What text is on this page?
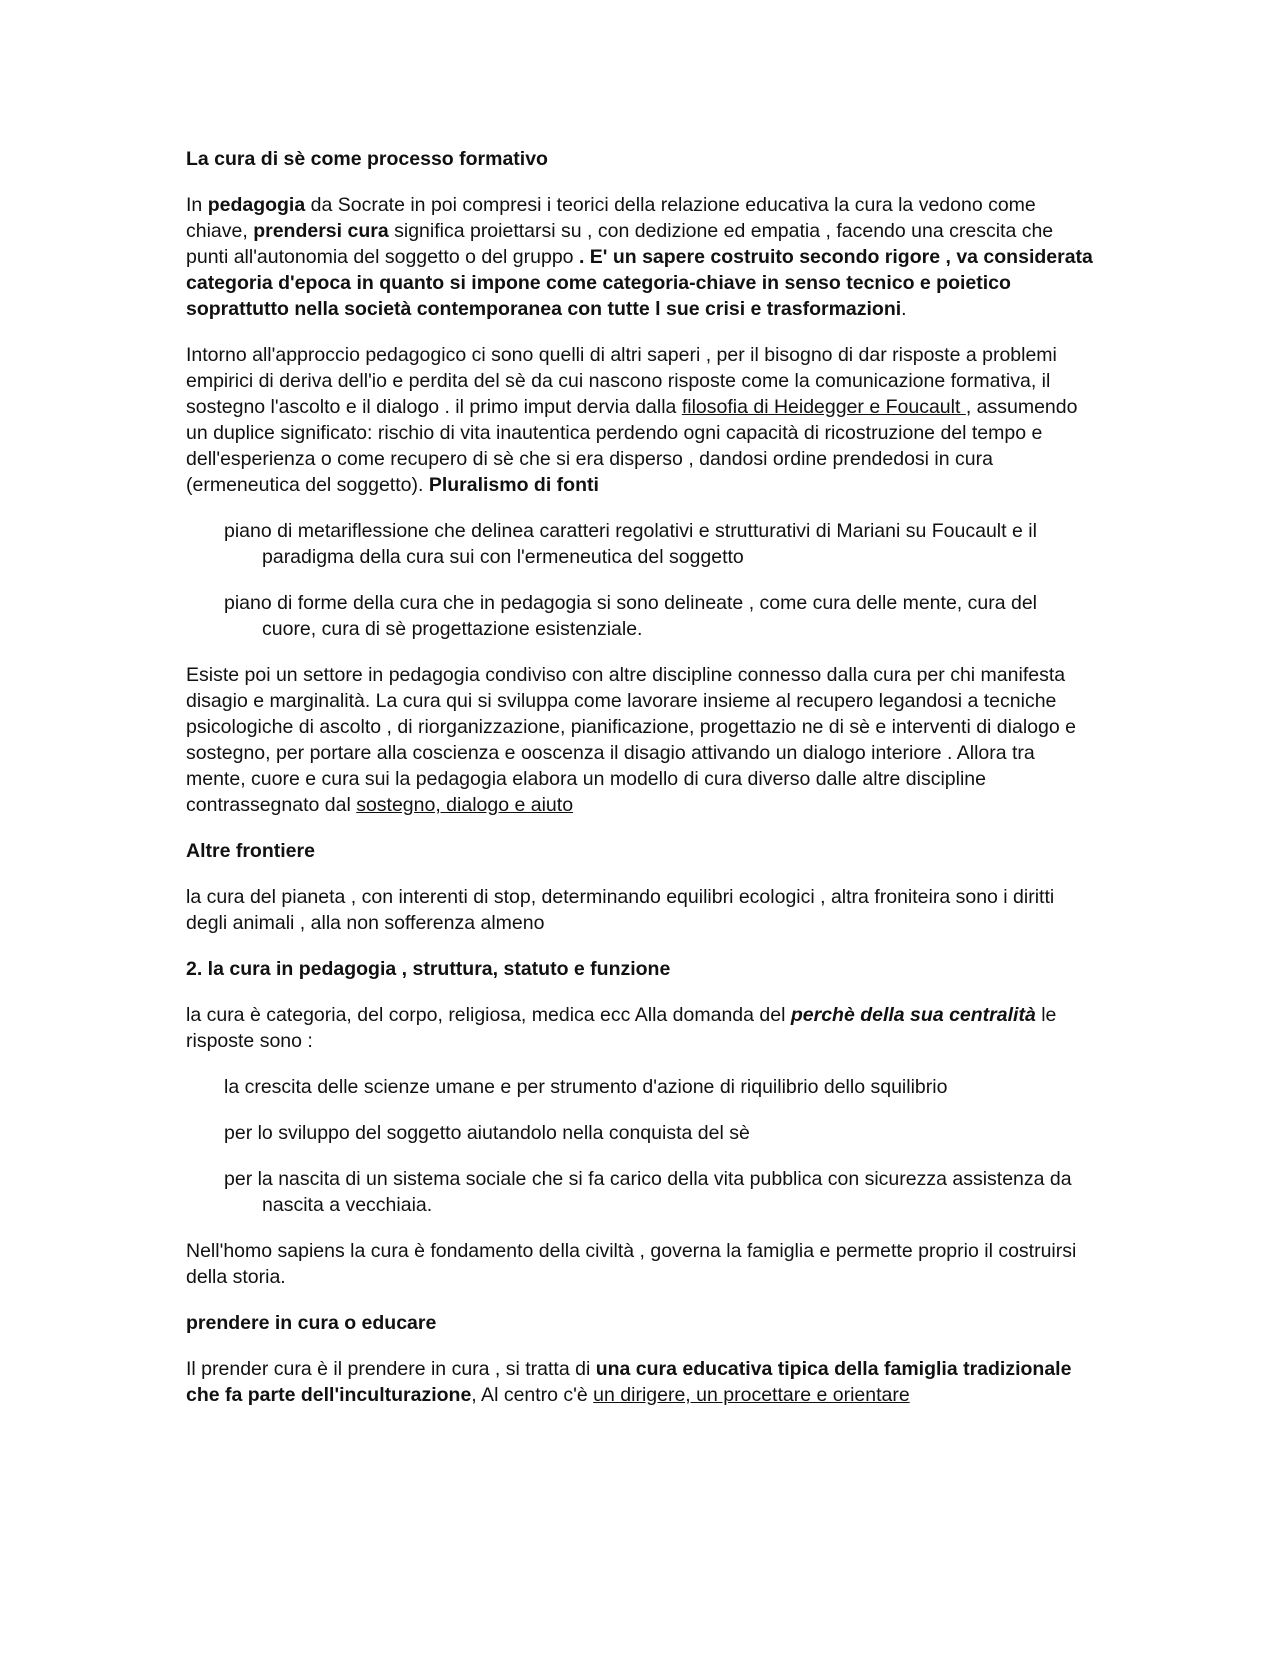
La cura di sè come processo formativo

In pedagogia da Socrate in poi compresi i teorici della relazione educativa la cura la vedono come chiave, prendersi cura significa proiettarsi su , con dedizione ed empatia , facendo una crescita che punti all'autonomia del soggetto o del gruppo . E' un sapere costruito secondo rigore , va considerata categoria d'epoca in quanto si impone come categoria-chiave in senso tecnico e poietico soprattutto nella società contemporanea con tutte l sue crisi e trasformazioni.

Intorno all'approccio pedagogico ci sono quelli di altri saperi , per il bisogno di dar risposte a problemi empirici di deriva dell'io e perdita del sè da cui nascono risposte come la comunicazione formativa, il sostegno l'ascolto e il dialogo . il primo imput dervia dalla filosofia di Heidegger e Foucault , assumendo un duplice significato: rischio di vita inautentica perdendo ogni capacità di ricostruzione del tempo e dell'esperienza o come recupero di sè che si era disperso , dandosi ordine prendedosi in cura (ermeneutica del soggetto). Pluralismo di fonti

piano di metariflessione che delinea caratteri regolativi e strutturativi di Mariani su Foucault e il paradigma della cura sui con l'ermeneutica del soggetto

piano di forme della cura che in pedagogia si sono delineate , come cura delle mente, cura del cuore, cura di sè progettazione esistenziale.

Esiste poi un settore in pedagogia condiviso con altre discipline connesso dalla cura per chi manifesta disagio e marginalità. La cura qui si sviluppa come lavorare insieme al recupero legandosi a tecniche psicologiche di ascolto , di riorganizzazione, pianificazione, progettazio ne di sè e interventi di dialogo e sostegno, per portare alla coscienza e ooscenza il disagio attivando un dialogo interiore . Allora tra mente, cuore e cura sui la pedagogia elabora un modello di cura diverso dalle altre discipline contrassegnato dal sostegno, dialogo e aiuto

Altre frontiere

la cura del pianeta , con interenti di stop, determinando equilibri ecologici , altra froniteira sono i diritti degli animali , alla non sofferenza almeno

2. la cura in pedagogia , struttura, statuto e funzione

la cura è categoria, del corpo, religiosa, medica ecc Alla domanda del perchè della sua centralità le risposte sono :

la crescita delle scienze umane e per strumento d'azione di riquilibrio dello squilibrio

per lo sviluppo del soggetto aiutandolo nella conquista del sè

per la nascita di un sistema sociale che si fa carico della vita pubblica con sicurezza assistenza da nascita a vecchiaia.

Nell'homo sapiens la cura è fondamento della civiltà , governa la famiglia e permette proprio il costruirsi della storia.

prendere in cura o educare

Il prender cura è il prendere in cura , si tratta di una cura educativa tipica della famiglia tradizionale che fa parte dell'inculturazione, Al centro c'è un dirigere, un procettare e orientare
